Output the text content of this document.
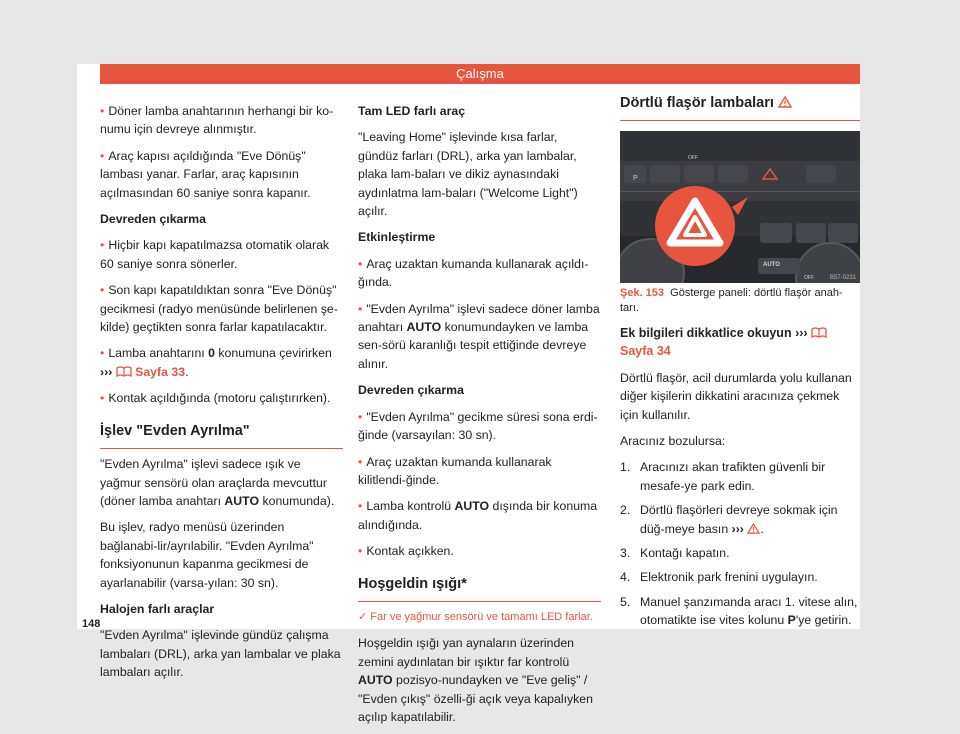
Çalışma

• Döner lamba anahtarının herhangi bir ko-numu için devreye alınmıştır.

• Araç kapısı açıldığında "Eve Dönüş" lambası yanar. Farlar, araç kapısının açılmasından 60 saniye sonra kapanır.

Devreden çıkarma

• Hiçbir kapı kapatılmazsa otomatik olarak 60 saniye sonra sönerler.

• Son kapı kapatıldıktan sonra "Eve Dönüş" gecikmesi (radyo menüsünde belirlenen şe-kilde) geçtikten sonra farlar kapatılacaktır.

• Lamba anahtarını 0 konumuna çevirirken
››› Sayfa 33.

• Kontak açıldığında (motoru çalıştırırken).

İşlev "Evden Ayrılma"

"Evden Ayrılma" işlevi sadece ışık ve yağmur sensörü olan araçlarda mevcuttur (döner lamba anahtarı AUTO konumunda).

Bu işlev, radyo menüsü üzerinden bağlanabi-lir/ayrılabilir. "Evden Ayrılma" fonksiyonunun kapanma gecikmesi de ayarlanabilir (varsa-yılan: 30 sn).

Halojen farlı araçlar

"Evden Ayrılma" işlevinde gündüz çalışma lambaları (DRL), arka yan lambalar ve plaka lambaları açılır.

Tam LED farlı araç

"Leaving Home" işlevinde kısa farlar, gündüz farları (DRL), arka yan lambalar, plaka lam-baları ve dikiz aynasındaki aydınlatma lam-baları ("Welcome Light") açılır.

Etkinleştirme

• Araç uzaktan kumanda kullanarak açıldı-ğında.

• "Evden Ayrılma" işlevi sadece döner lamba anahtarı AUTO konumundayken ve lamba sen-sörü karanlığı tespit ettiğinde devreye alınır.

Devreden çıkarma

• "Evden Ayrılma" gecikme süresi sona erdi-ğinde (varsayılan: 30 sn).

• Araç uzaktan kumanda kullanarak kilitlendi-ğinde.

• Lamba kontrolü AUTO dışında bir konuma alındığında.

• Kontak açıkken.

Hoşgeldin ışığı*

✓ Far ve yağmur sensörü ve tamamı LED farlar.

Hoşgeldin ışığı yan aynaların üzerinden zemini aydınlatan bir ışıktır far kontrolü AUTO pozisyo-nundayken ve "Eve geliş" / "Evden çıkış" özelli-ği açık veya kapalıyken açılıp kapatılabilir.

Dörtlü flaşör lambaları
P
OFF
AUTO
OFF	B57-0231

Şek. 153 Gösterge paneli: dörtlü flaşör anah-tarı.

Ek bilgileri dikkatlice okuyun ›››  Sayfa 34

Dörtlü flaşör, acil durumlarda yolu kullanan diğer kişilerin dikkatini aracınıza çekmek için kullanılır.

Aracınız bozulursa:

1. Aracınızı akan trafikten güvenli bir mesafe-ye park edin.
2. Dörtlü flaşörleri devreye sokmak için düğ-meye basın ››› .
3. Kontağı kapatın.
4. Elektronik park frenini uygulayın.
5. Manuel şanzımanda aracı 1. vitese alın, otomatikte ise vites kolunu P'ye getirin.
148
